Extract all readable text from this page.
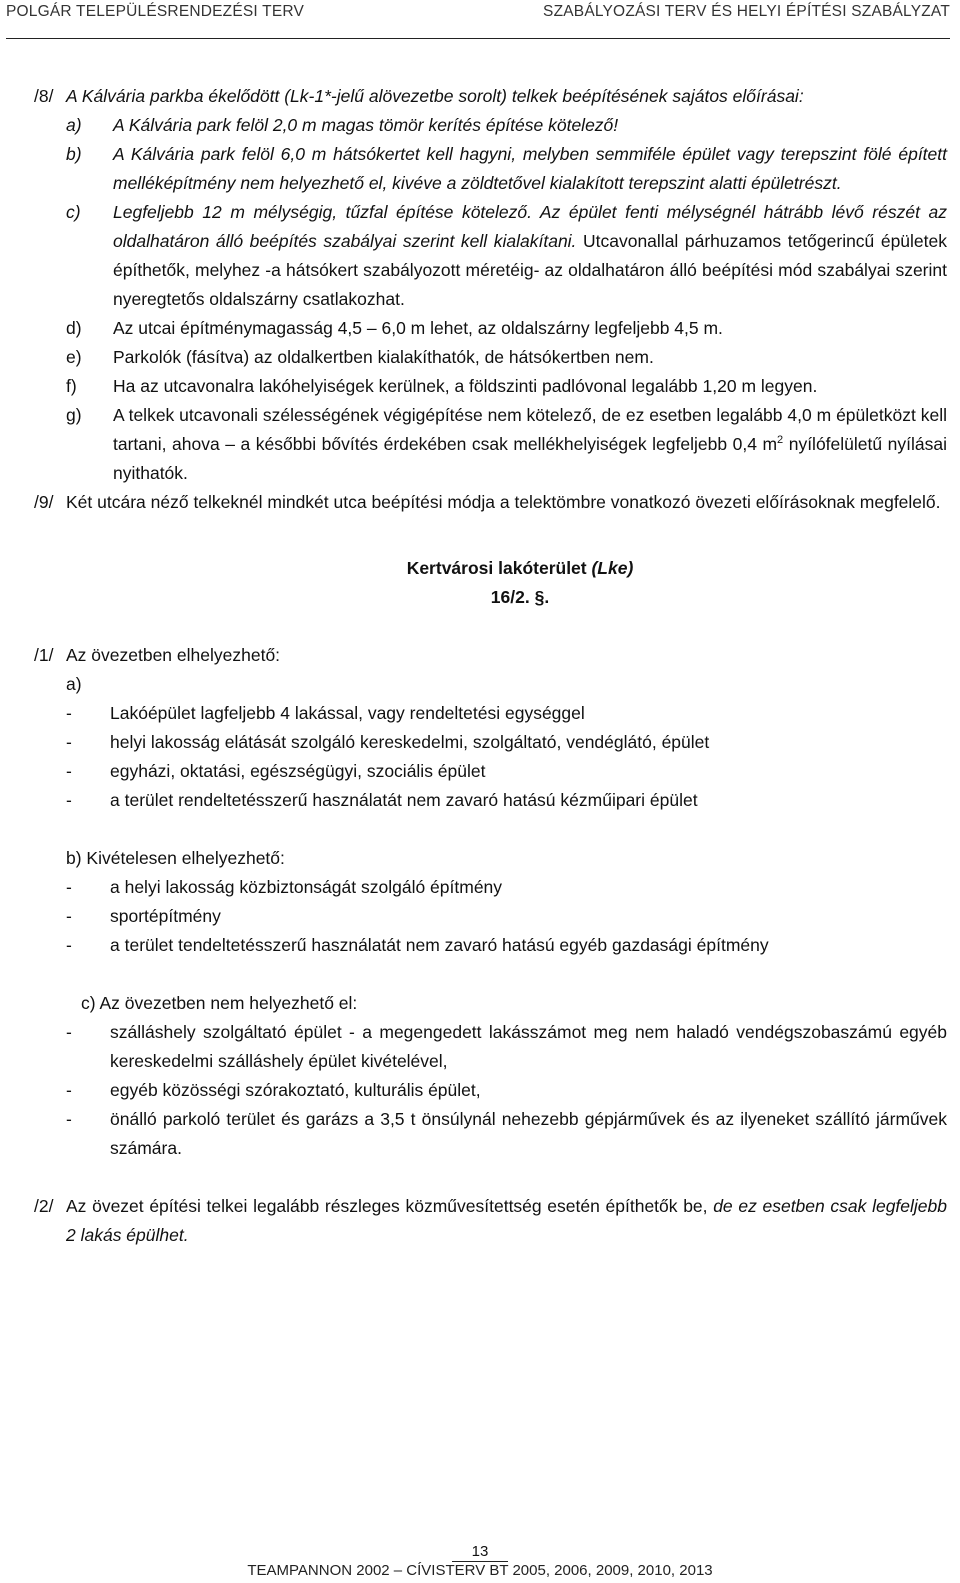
POLGÁR TELEPÜLÉSRENDEZÉSI TERV	SZABÁLYOZÁSI TERV ÉS HELYI ÉPÍTÉSI SZABÁLYZAT
/8/ A Kálvária parkba ékelődött (Lk-1*-jelű alövezetbe sorolt) telkek beépítésének sajátos előírásai:
a) A Kálvária park felöl 2,0 m magas tömör kerítés építése kötelező!
b) A Kálvária park felöl 6,0 m hátsókertet kell hagyni, melyben semmiféle épület vagy terepszint fölé épített melléképítmény nem helyezhető el, kivéve a zöldtetővel kialakított terepszint alatti épületrészt.
c) Legfeljebb 12 m mélységig, tűzfal építése kötelező. Az épület fenti mélységnél hátrább lévő részét az oldalhatáron álló beépítés szabályai szerint kell kialakítani. Utcavonallal párhuzamos tetőgerincű épületek építhetők, melyhez -a hátsókert szabályozott méretéig- az oldalhatáron álló beépítési mód szabályai szerint nyeregtetős oldalszárny csatlakozhat.
d) Az utcai építménymagasság 4,5 – 6,0 m lehet, az oldalszárny legfeljebb 4,5 m.
e) Parkolók (fásítva) az oldalkertben kialakíthatók, de hátsókertben nem.
f) Ha az utcavonalra lakóhelyiségek kerülnek, a földszinti padlóvonal legalább 1,20 m legyen.
g) A telkek utcavonali szélességének végigépítése nem kötelező, de ez esetben legalább 4,0 m épületközt kell tartani, ahova – a későbbi bővítés érdekében csak mellékhelyiségek legfeljebb 0,4 $m^2$ nyílófelületű nyílásai nyithatók.
/9/ Két utcára néző telkeknél mindkét utca beépítési módja a telektömbre vonatkozó övezeti előírásoknak megfelelő.
Kertvárosi lakóterület (Lke)
16/2. §.
/1/ Az övezetben elhelyezhető:
a)
- Lakóépület lagfeljebb 4 lakással, vagy rendeltetési egységgel
- helyi lakosság elátását szolgáló kereskedelmi, szolgáltató, vendéglátó, épület
- egyházi, oktatási, egészségügyi, szociális épület
- a terület rendeltetésszerű használatát nem zavaró hatású kézműipari épület
b) Kivételesen elhelyezhető:
- a helyi lakosság közbiztonságát szolgáló építmény
- sportépítmény
- a terület tendeltetésszerű használatát nem zavaró hatású egyéb gazdasági építmény
c) Az övezetben nem helyezhető el:
- szálláshely szolgáltató épület - a megengedett lakásszámot meg nem haladó vendégszobaszámú egyéb kereskedelmi szálláshely épület kivételével,
- egyéb közösségi szórakoztató, kulturális épület,
- önálló parkoló terület és garázs a 3,5 t önsúlynál nehezebb gépjárművek és az ilyeneket szállító járművek számára.
/2/ Az övezet építési telkei legalább részleges közművesítettség esetén építhetők be, de ez esetben csak legfeljebb 2 lakás épülhet.
13
TEAMPANNON 2002 – CÍVISTERV BT 2005, 2006, 2009, 2010, 2013
